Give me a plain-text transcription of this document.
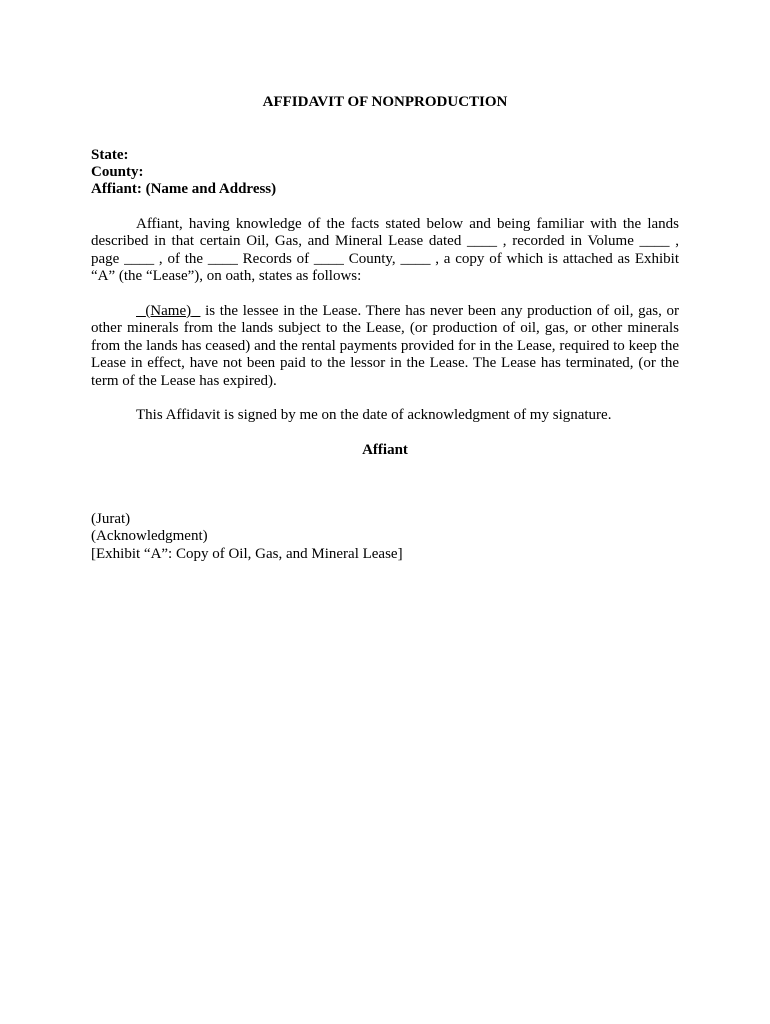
AFFIDAVIT OF NONPRODUCTION
State:
County:
Affiant: (Name and Address)

Affiant, having knowledge of the facts stated below and being familiar with the lands described in that certain Oil, Gas, and Mineral Lease dated ____ , recorded in Volume ____ , page ____ , of the ____ Records of ____ County, ____ , a copy of which is attached as Exhibit “A” (the “Lease”), on oath, states as follows:

(Name)   is the lessee in the Lease. There has never been any production of oil, gas, or other minerals from the lands subject to the Lease, (or production of oil, gas, or other minerals from the lands has ceased) and the rental payments provided for in the Lease, required to keep the Lease in effect, have not been paid to the lessor in the Lease. The Lease has terminated, (or the term of the Lease has expired).

This Affidavit is signed by me on the date of acknowledgment of my signature.

Affiant
(Jurat)
(Acknowledgment)
[Exhibit “A”: Copy of Oil, Gas, and Mineral Lease]
